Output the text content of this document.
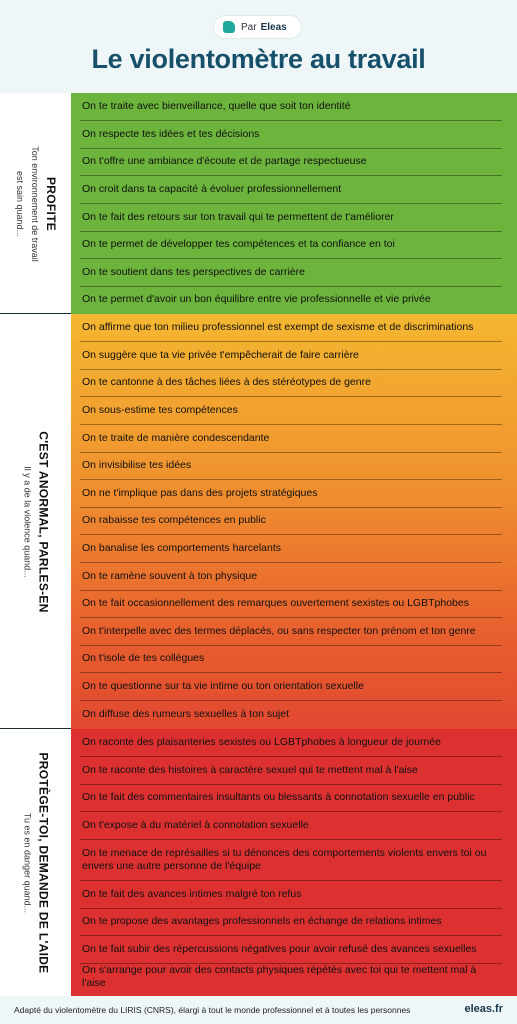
Par Eleas
Le violentomètre au travail
PROFITE
Ton environnement de travail
est sain quand...
C'EST ANORMAL, PARLES-EN
Il y a de la violence quand...
PROTÈGE-TOI, DEMANDE DE L'AIDE
Tu es en danger quand...
On te traite avec bienveillance, quelle que soit ton identité
On respecte tes idées et tes décisions
On t'offre une ambiance d'écoute et de partage respectueuse
On croit dans ta capacité à évoluer professionnellement
On te fait des retours sur ton travail qui te permettent de t'améliorer
On te permet de développer tes compétences et ta confiance en toi
On te soutient dans tes perspectives de carrière
On te permet d'avoir un bon équilibre entre vie professionnelle et vie privée
On affirme que ton milieu professionnel est exempt de sexisme et de discriminations
On suggère que ta vie privée t'empêcherait de faire carrière
On te cantonne à des tâches liées à des stéréotypes de genre
On sous-estime tes compétences
On te traite de manière condescendante
On invisibilise tes idées
On ne t'implique pas dans des projets stratégiques
On rabaisse tes compétences en public
On banalise les comportements harcelants
On te ramène souvent à ton physique
On te fait occasionnellement des remarques ouvertement sexistes ou LGBTphobes
On t'interpelle avec des termes déplacés, ou sans respecter ton prénom et ton genre
On t'isole de tes collègues
On te questionne sur ta vie intime ou ton orientation sexuelle
On diffuse des rumeurs sexuelles à ton sujet
On raconte des plaisanteries sexistes ou LGBTphobes à longueur de journée
On te raconte des histoires à caractère sexuel qui te mettent mal à l'aise
On te fait des commentaires insultants ou blessants à connotation sexuelle en public
On t'expose à du matériel à connotation sexuelle
On te menace de représailles si tu dénonces des comportements violents envers toi ou envers une autre personne de l'équipe
On te fait des avances intimes malgré ton refus
On te propose des avantages professionnels en échange de relations intimes
On te fait subir des répercussions négatives pour avoir refusé des avances sexuelles
On s'arrange pour avoir des contacts physiques répétés avec toi qui te mettent mal à l'aise
Adapté du violentomètre du LIRIS (CNRS), élargi à tout le monde professionnel et à toutes les personnes	eleas.fr
